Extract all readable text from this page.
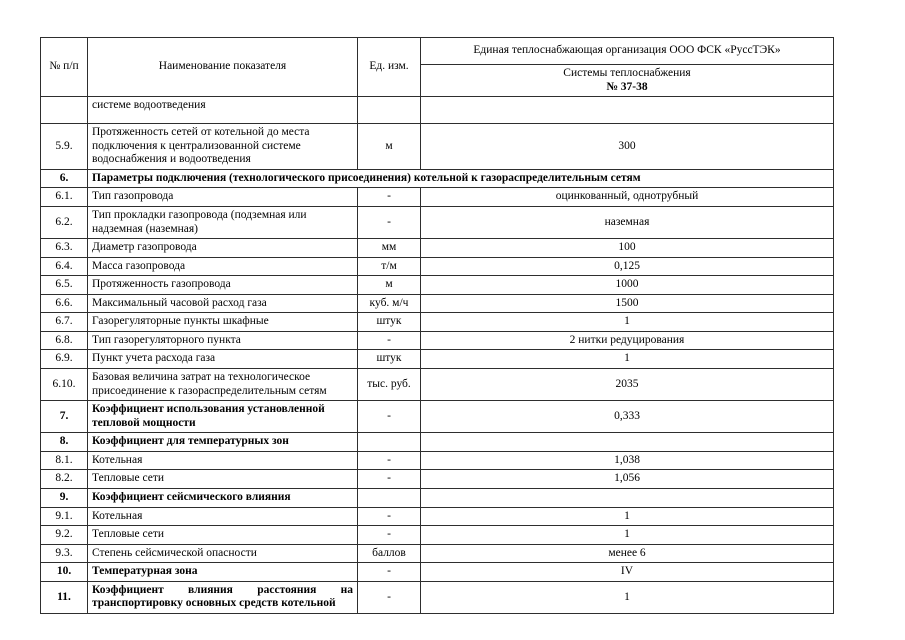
№ п/п	Наименование показателя	Ед. изм.	Единая теплоснабжающая организация ООО ФСК «РуссТЭК»

			Системы теплоснабжения
№ 37-38

	системе водоотведения		
5.9.	Протяженность сетей от котельной до места подключения к централизованной системе водоснабжения и водоотведения	м	300
6.	Параметры подключения (технологического присоединения) котельной к газораспределительным сетям		
6.1.	Тип газопровода	-	оцинкованный, однотрубный
6.2.	Тип прокладки газопровода (подземная или надземная (наземная)	-	наземная
6.3.	Диаметр газопровода	мм	100
6.4.	Масса газопровода	т/м	0,125
6.5.	Протяженность газопровода	м	1000
6.6.	Максимальный часовой расход газа	куб. м/ч	1500
6.7.	Газорегуляторные пункты шкафные	штук	1
6.8.	Тип газорегуляторного пункта	-	2 нитки редуцирования
6.9.	Пункт учета расхода газа	штук	1
6.10.	Базовая величина затрат на технологическое присоединение к газораспределительным сетям	тыс. руб.	2035
7.	Коэффициент использования установленной тепловой мощности	-	0,333
8.	Коэффициент для температурных зон		
8.1.	Котельная	-	1,038
8.2.	Тепловые сети	-	1,056
9.	Коэффициент сейсмического влияния		
9.1.	Котельная	-	1
9.2.	Тепловые сети	-	1
9.3.	Степень сейсмической опасности	баллов	менее 6
10.	Температурная зона	-	IV
11.	Коэффициент влияния расстояния на транспортировку основных средств котельной	-	1
